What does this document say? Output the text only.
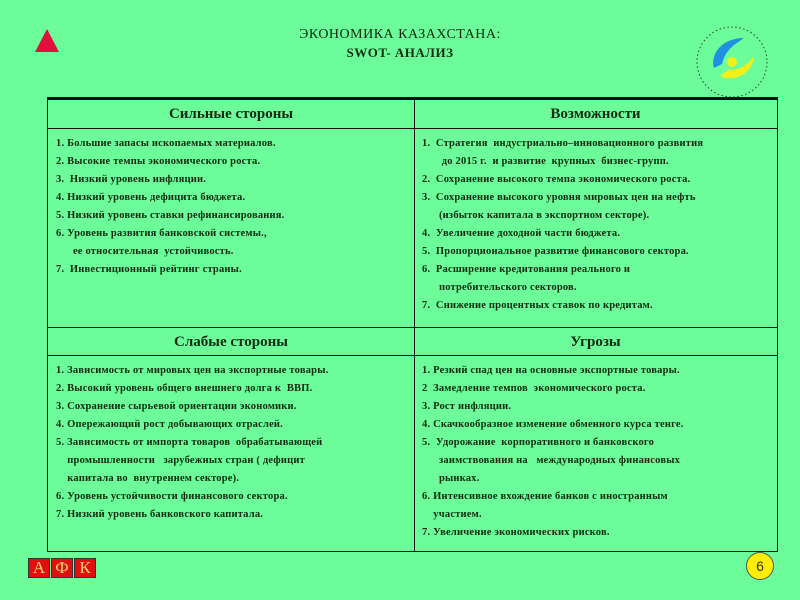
ЭКОНОМИКА КАЗАХСТАНА:
SWOT- АНАЛИЗ
Сильные стороны
1. Большие запасы ископаемых материалов.
2. Высокие темпы экономического роста.
3.  Низкий уровень инфляции.
4. Низкий уровень дефицита бюджета.
5. Низкий уровень ставки рефинансирования.
6. Уровень развития банковской системы.,
ее относительная  устойчивость.
7.  Инвестиционный рейтинг страны.
Слабые стороны
1. Зависимость от мировых цен на экспортные товары.
2. Высокий уровень общего внешнего долга к  ВВП.
3. Сохранение сырьевой ориентации экономики.
4. Опережающий рост добывающих отраслей.
5. Зависимость от импорта товаров  обрабатывающей
промышленности   зарубежных стран ( дефицит
капитала во  внутреннем секторе).
6. Уровень устойчивости финансового сектора.
7. Низкий уровень банковского капитала.
Возможности
1.  Стратегия  индустриально–инновационного развития
до 2015 г.  и развитие  крупных  бизнес-групп.
2.  Сохранение высокого темпа экономического роста.
3.  Сохранение высокого уровня мировых цен на нефть
(избыток капитала в экспортном секторе).
4.  Увеличение доходной части бюджета.
5.  Пропорциональное развитие финансового сектора.
6.  Расширение кредитования реального и
потребительского секторов.
7.  Снижение процентных ставок по кредитам.
Угрозы
1. Резкий спад цен на основные экспортные товары.
2  Замедление темпов  экономического роста.
3. Рост инфляции.
4. Скачкообразное изменение обменного курса тенге.
5.  Удорожание  корпоративного и банковского
заимствования на   международных финансовых
рынках.
6. Интенсивное вхождение банков с иностранным
участием.
7. Увеличение экономических рисков.
А Ф К	6
